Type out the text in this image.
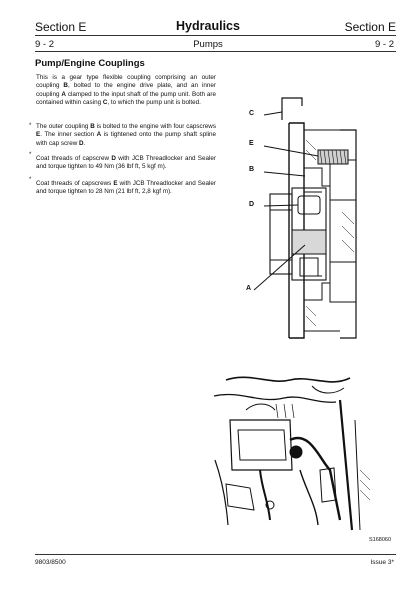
Section E	Hydraulics	Section E
9 - 2	Pumps	9 - 2
Pump/Engine Couplings
This is a gear type flexible coupling comprising an outer coupling B, bolted to the engine drive plate, and an inner coupling A clamped to the input shaft of the pump unit. Both are contained within casing C, to which the pump unit is bolted.
* The outer coupling B is bolted to the engine with four capscrews E. The inner section A is tightened onto the pump shaft spline with cap screw D.
* Coat threads of capscrew D with JCB Threadlocker and Sealer and torque tighten to 49 Nm (36 lbf ft, 5 kgf m).
* Coat threads of capscrews E with JCB Threadlocker and Sealer and torque tighten to 28 Nm (21 lbf ft, 2,8 kgf m).
C
E
B
D
A
S168060
9803/8500	Issue 3*
